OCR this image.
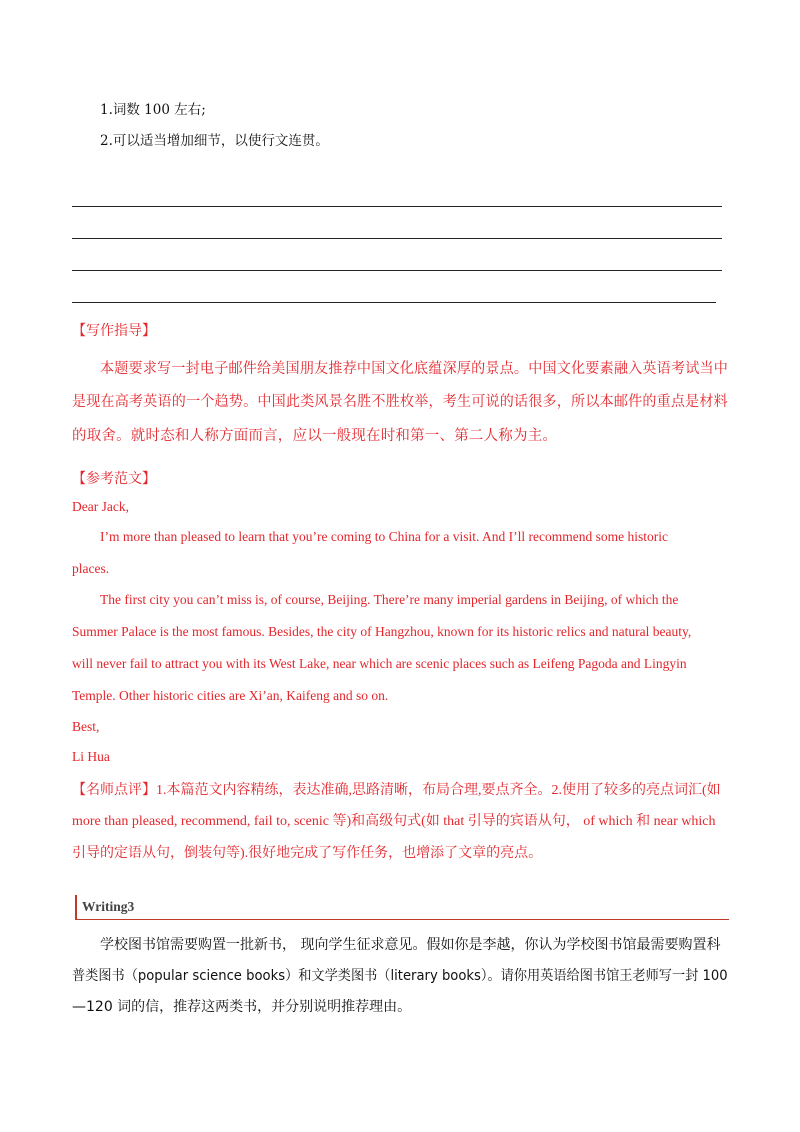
1.词数 100 左右;
2.可以适当增加细节，以使行文连贯。
【写作指导】
本题要求写一封电子邮件给美国朋友推荐中国文化底蕴深厚的景点。中国文化要素融入英语考试当中
是现在高考英语的一个趋势。中国此类风景名胜不胜枚举，考生可说的话很多，所以本邮件的重点是材料
的取舍。就时态和人称方面而言，应以一般现在时和第一、第二人称为主。
【参考范文】
Dear Jack,
I’m more than pleased to learn that you’re coming to China for a visit. And I’ll recommend some historic
places.
The first city you can’t miss is, of course, Beijing. There’re many imperial gardens in Beijing, of which the
Summer Palace is the most famous. Besides, the city of Hangzhou, known for its historic relics and natural beauty,
will never fail to attract you with its West Lake, near which are scenic places such as Leifeng Pagoda and Lingyin
Temple. Other historic cities are Xi’an, Kaifeng and so on.
Best,
Li Hua
【名师点评】1.本篇范文内容精练，表达准确,思路清晰，布局合理,要点齐全。2.使用了较多的亮点词汇(如
more than pleased, recommend, fail to, scenic 等)和高级句式(如 that 引导的宾语从句， of which 和 near which
引导的定语从句，倒装句等).很好地完成了写作任务，也增添了文章的亮点。
Writing3
学校图书馆需要购置一批新书， 现向学生征求意见。假如你是李越，你认为学校图书馆最需要购置科
普类图书（popular science books）和文学类图书（literary books）。请你用英语给图书馆王老师写一封 100
—120 词的信，推荐这两类书，并分别说明推荐理由。
